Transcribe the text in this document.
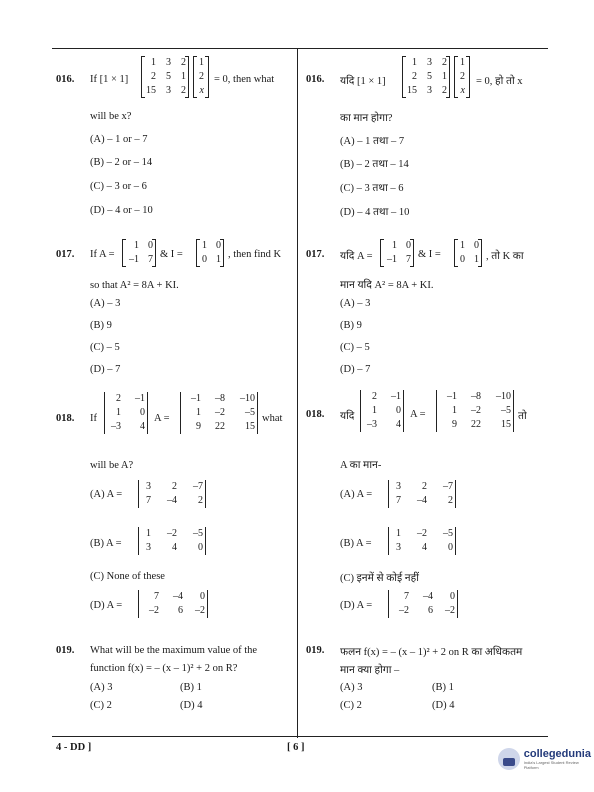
016. If [1 × 1]
1	3	2
2	5	1
15	3	2
1
2
x
= 0, then what
will be x?
(A) – 1 or – 7
(B) – 2 or – 14
(C) – 3 or – 6
(D) – 4 or – 10
017. If A =
1 0
–1 7 & I =
1 0
0 1 , then find K
so that A² = 8A + KI.
(A) – 3
(B) 9
(C) – 5
(D) – 7
018. If
2	–1
1	0
–3	4
A =
–1	–8	–10
1	–2	–5
9	22	15
what
will be A?
(A) A =
3	2	–7
7	–4	2
(B) A =
1	–2	–5
3	4	0
(C) None of these
(D) A =
7	–4	0
–2	6	–2
019. What will be the maximum value of the
function f(x) = – (x – 1)² + 2 on R?
(A) 3	(B) 1
(C) 2	(D) 4
016. यदि [1 × 1]
1	3	2
2	5	1
15	3	2
1
2
x
= 0, हो तो x
का मान होगा?
(A) – 1 तथा – 7
(B) – 2 तथा – 14
(C) – 3 तथा – 6
(D) – 4 तथा – 10
017. यदि A =
1 0
–1 7 & I =
1 0
0 1 , तो K का
मान यदि A² = 8A + KI.
(A) – 3
(B) 9
(C) – 5
(D) – 7
018. यदि
2	–1
1	0
–3	4
A =
–1	–8	–10
1	–2	–5
9	22	15
तो
A का मान-
(A) A =
3	2	–7
7	–4	2
(B) A =
1	–2	–5
3	4	0
(C) इनमें से कोई नहीं
(D) A =
7	–4	0
–2	6	–2
019. फलन f(x) = – (x – 1)² + 2 on R का अधिकतम
मान क्या होगा –
(A) 3	(B) 1
(C) 2	(D) 4
4 - DD ]	[ 6 ]	collegedunia
India's Largest Student Review Platform
